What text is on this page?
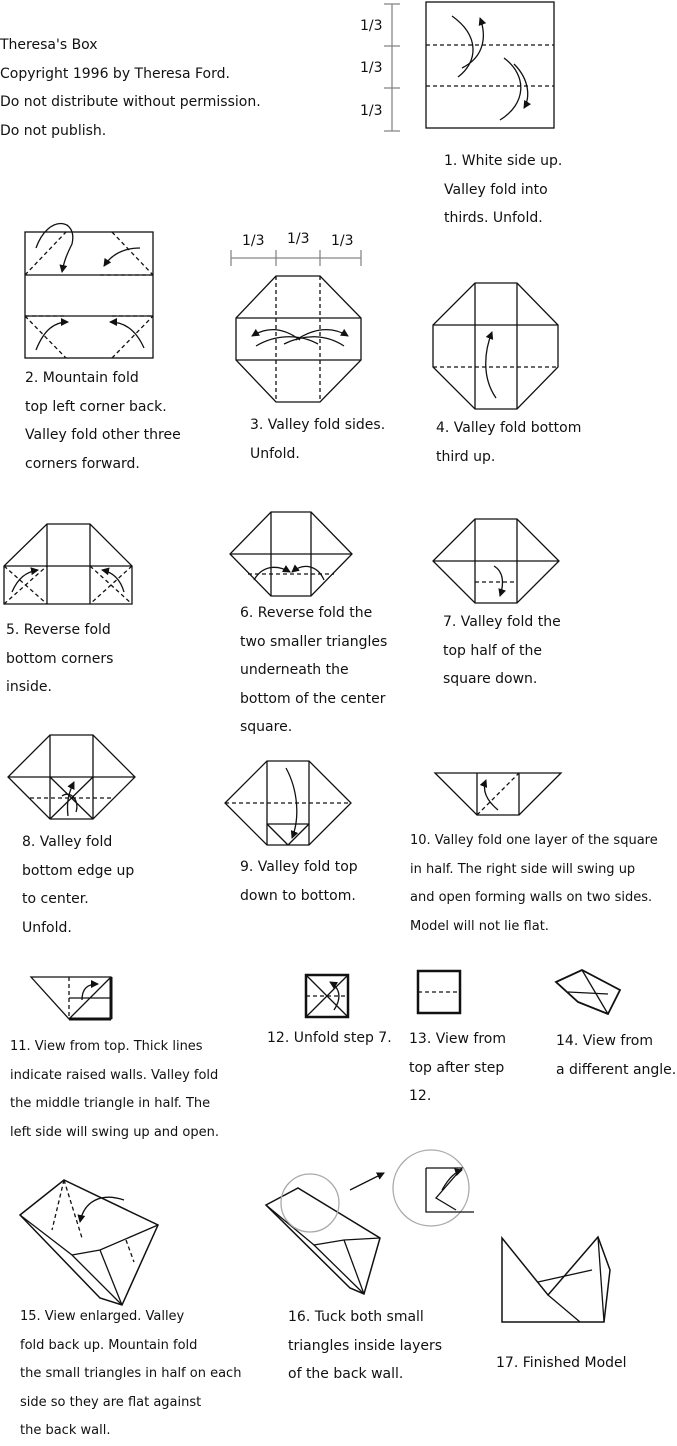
1/3
1/3
1/3
1/3 1/3 1/3
Theresa's Box
Copyright 1996 by Theresa Ford.
Do not distribute without permission.
Do not publish.
1. White side up.
Valley fold into
thirds. Unfold.
2. Mountain fold
top left corner back.
Valley fold other three
corners forward.
3. Valley fold sides.
Unfold.
4. Valley fold bottom
third up.
5. Reverse fold
bottom corners
inside.
6. Reverse fold the
two smaller triangles
underneath the
bottom of the center
square.
7. Valley fold the
top half of the
square down.
8. Valley fold
bottom edge up
to center.
Unfold.
9. Valley fold top
down to bottom.
10. Valley fold one layer of the square
in half. The right side will swing up
and open forming walls on two sides.
Model will not lie flat.
11. View from top. Thick lines
indicate raised walls. Valley fold
the middle triangle in half. The
left side will swing up and open.
12. Unfold step 7. 13. View from
top after step
12.
14. View from
a different angle.
15. View enlarged. Valley
fold back up. Mountain fold
the small triangles in half on each
side so they are flat against
the back wall.
16. Tuck both small
triangles inside layers
of the back wall.
17. Finished Model
